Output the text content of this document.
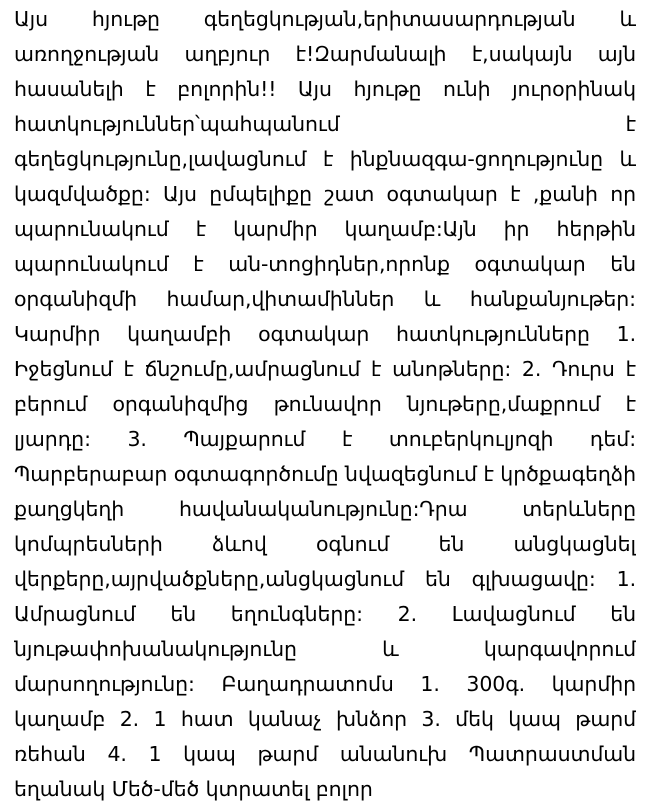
Այս հյութը գեղեցկության,երիտասարդության և առողջության աղբյուր է!Զարմանալի է,սակայն այն հասանելի է բոլորին!! Այս հյութը ունի յուրօրինակ հատկություններ՝պահպանում է գեղեցկությունը,լավացնում է ինքնազգա-ցողությունը և կազմվածքը: Այս ըմպելիքը շատ օգտակար է ,քանի որ պարունակում է կարմիր կաղամբ:Այն իր հերթին պարունակում է ան-տոցիդներ,որոնք օգտակար են օրգանիզմի համար,վիտամիններ և հանքանյութեր: Կարմիր կաղամբի օգտակար հատկությունները 1. Իջեցնում է ճնշումը,ամրացնում է անոթները: 2. Դուրս է բերում օրգանիզմից թունավոր նյութերը,մաքրում է լյարդը: 3. Պայքարում է տուբերկուլյոզի դեմ: Պարբերաբար օգտագործումը նվազեցնում է կրծքագեղձի քաղցկեղի հավանականությունը:Դրա տերևները կոմպրեսների ձևով օգնում են անցկացնել վերքերը,այրվածքները,անցկացնում են գլխացավը: 1. Ամրացնում են եղունգները: 2. Լավացնում են նյութափոխանակությունը և կարգավորում մարսողությունը: Բաղադրատոմս 1. 300գ. կարմիր կաղամբ 2. 1 հատ կանաչ խնձոր 3. մեկ կապ թարմ ռեհան 4. 1 կապ թարմ անանուխ Պատրաստման եղանակ Մեծ-մեծ կտրատել բոլոր
